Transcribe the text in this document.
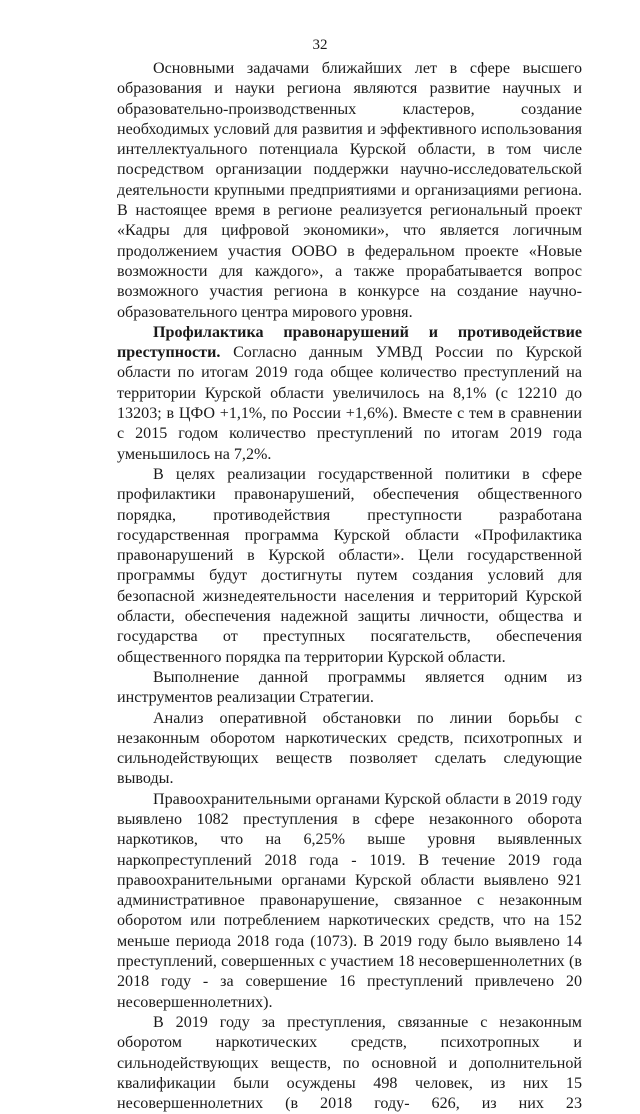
32

Основными задачами ближайших лет в сфере высшего образования и науки региона являются развитие научных и образовательно-производственных кластеров, создание необходимых условий для развития и эффективного использования интеллектуального потенциала Курской области, в том числе посредством организации поддержки научно-исследовательской деятельности крупными предприятиями и организациями региона. В настоящее время в регионе реализуется региональный проект «Кадры для цифровой экономики», что является логичным продолжением участия ООВО в федеральном проекте «Новые возможности для каждого», а также прорабатывается вопрос возможного участия региона в конкурсе на создание научно-образовательного центра мирового уровня.

Профилактика правонарушений и противодействие преступности. Согласно данным УМВД России по Курской области по итогам 2019 года общее количество преступлений на территории Курской области увеличилось на 8,1% (с 12210 до 13203; в ЦФО +1,1%, по России +1,6%). Вместе с тем в сравнении с 2015 годом количество преступлений по итогам 2019 года уменьшилось на 7,2%.

В целях реализации государственной политики в сфере профилактики правонарушений, обеспечения общественного порядка, противодействия преступности разработана государственная программа Курской области «Профилактика правонарушений в Курской области». Цели государственной программы будут достигнуты путем создания условий для безопасной жизнедеятельности населения и территорий Курской области, обеспечения надежной защиты личности, общества и государства от преступных посягательств, обеспечения общественного порядка па территории Курской области.

Выполнение данной программы является одним из инструментов реализации Стратегии.

Анализ оперативной обстановки по линии борьбы с незаконным оборотом наркотических средств, психотропных и сильнодействующих веществ позволяет сделать следующие выводы.

Правоохранительными органами Курской области в 2019 году выявлено 1082 преступления в сфере незаконного оборота наркотиков, что на 6,25% выше уровня выявленных наркопреступлений 2018 года - 1019. В течение 2019 года правоохранительными органами Курской области выявлено 921 административное правонарушение, связанное с незаконным оборотом или потреблением наркотических средств, что на 152 меньше периода 2018 года (1073). В 2019 году было выявлено 14 преступлений, совершенных с участием 18 несовершеннолетних (в 2018 году - за совершение 16 преступлений привлечено 20 несовершеннолетних).

В 2019 году за преступления, связанные с незаконным оборотом наркотических средств, психотропных и сильнодействующих веществ, по основной и дополнительной квалификации были осуждены 498 человек, из них 15 несовершеннолетних (в 2018 году- 626, из них 23
